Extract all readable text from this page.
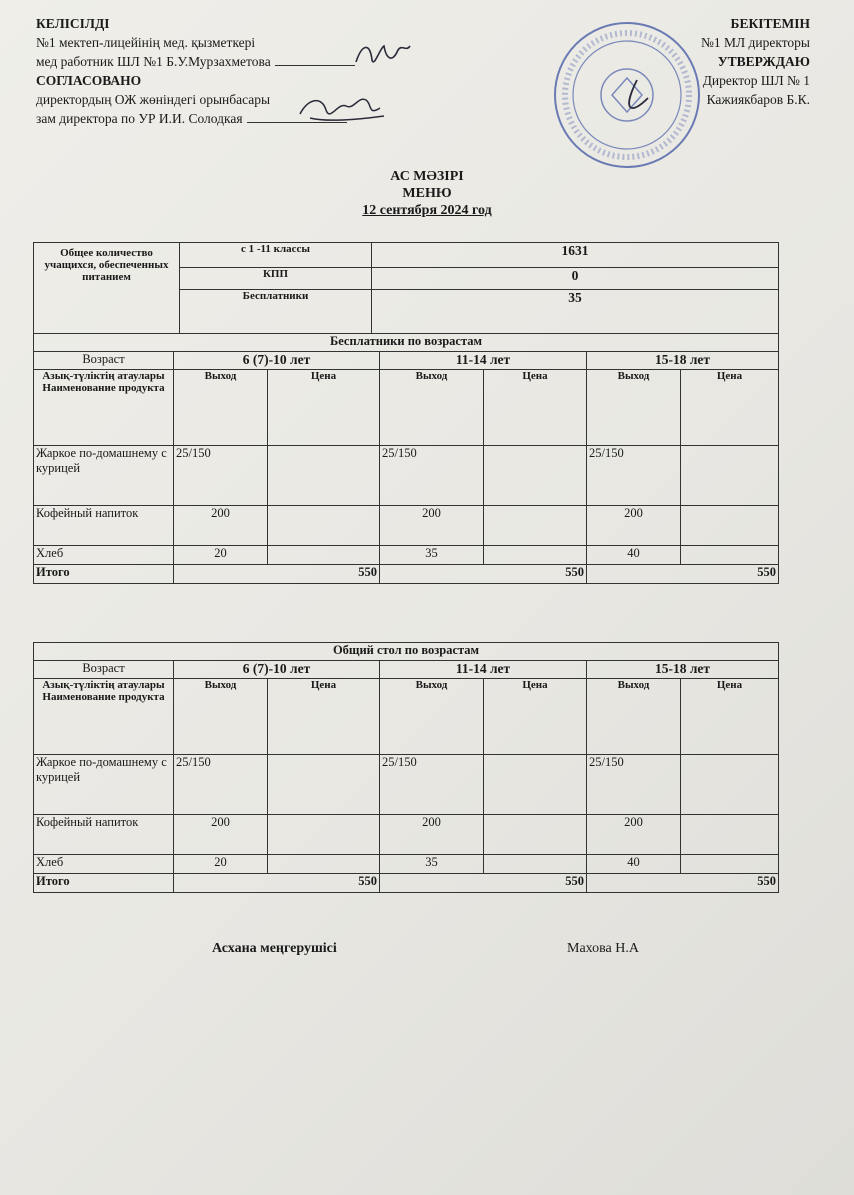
КЕЛІСІЛДІ
№1 мектеп-лицейінің мед. қызметкері
мед работник ШЛ №1 Б.У.Мурзахметова
СОГЛАСОВАНО
директордың ОЖ жөніндегі орынбасары
зам директора по УР И.И. Солодкая
БЕКІТЕМІН
№1 МЛ директоры
УТВЕРЖДАЮ
Директор ШЛ № 1
Кажиякбаров Б.К.
АС МӘЗІРІ
МЕНЮ
12 сентября 2024 год
Общее количество учащихся, обеспеченных питанием	с 1 -11 классы	1631
	КПП	0
	Бесплатники	35
Бесплатники по возрастам						
Возраст	6 (7)-10 лет		11-14 лет		15-18 лет	
Азық-түліктің атаулары Наименование продукта	Выход	Цена	Выход	Цена	Выход	Цена
Жаркое по-домашнему с курицей	25/150		25/150		25/150	
Кофейный напиток	200		200		200	
Хлеб	20		35		40	
Итого	550		550		550	
Общий стол по возрастам						
Возраст	6 (7)-10 лет		11-14 лет		15-18 лет	
Азық-түліктің атаулары Наименование продукта	Выход	Цена	Выход	Цена	Выход	Цена
Жаркое по-домашнему с курицей	25/150		25/150		25/150	
Кофейный напиток	200		200		200	
Хлеб	20		35		40	
Итого	550		550		550	
Асхана меңгерушісі	Махова Н.А
